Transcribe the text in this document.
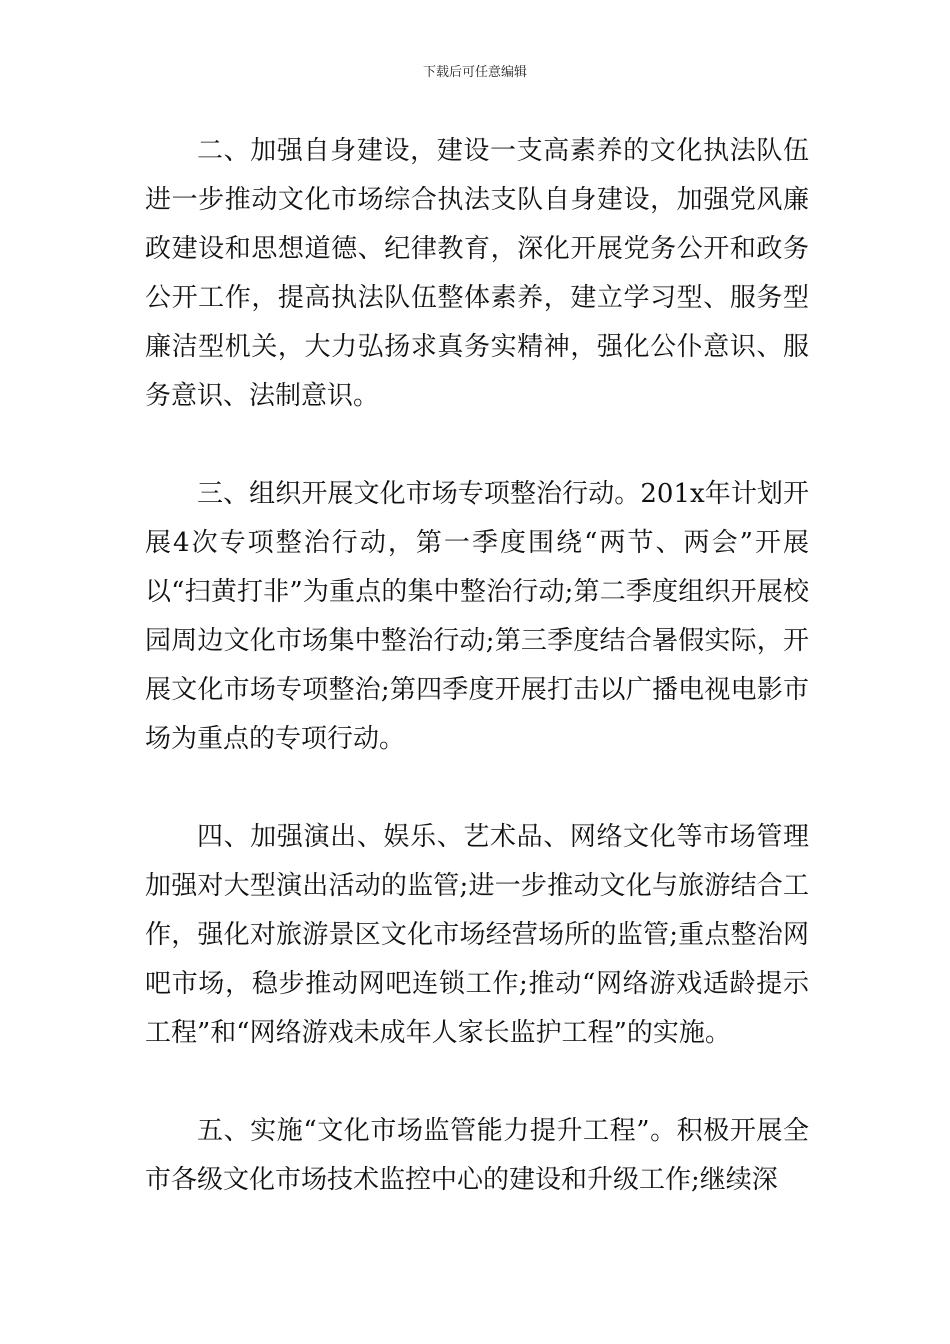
下载后可任意编辑

二、加强自身建设，建设一支高素养的文化执法队伍进一步推动文化市场综合执法支队自身建设，加强党风廉政建设和思想道德、纪律教育，深化开展党务公开和政务公开工作，提高执法队伍整体素养，建立学习型、服务型廉洁型机关，大力弘扬求真务实精神，强化公仆意识、服务意识、法制意识。

三、组织开展文化市场专项整治行动。201x年计划开展4次专项整治行动，第一季度围绕“两节、两会”开展以“扫黄打非”为重点的集中整治行动;第二季度组织开展校园周边文化市场集中整治行动;第三季度结合暑假实际，开展文化市场专项整治;第四季度开展打击以广播电视电影市场为重点的专项行动。

四、加强演出、娱乐、艺术品、网络文化等市场管理加强对大型演出活动的监管;进一步推动文化与旅游结合工作，强化对旅游景区文化市场经营场所的监管;重点整治网吧市场，稳步推动网吧连锁工作;推动“网络游戏适龄提示工程”和“网络游戏未成年人家长监护工程”的实施。

五、实施“文化市场监管能力提升工程”。积极开展全市各级文化市场技术监控中心的建设和升级工作;继续深
